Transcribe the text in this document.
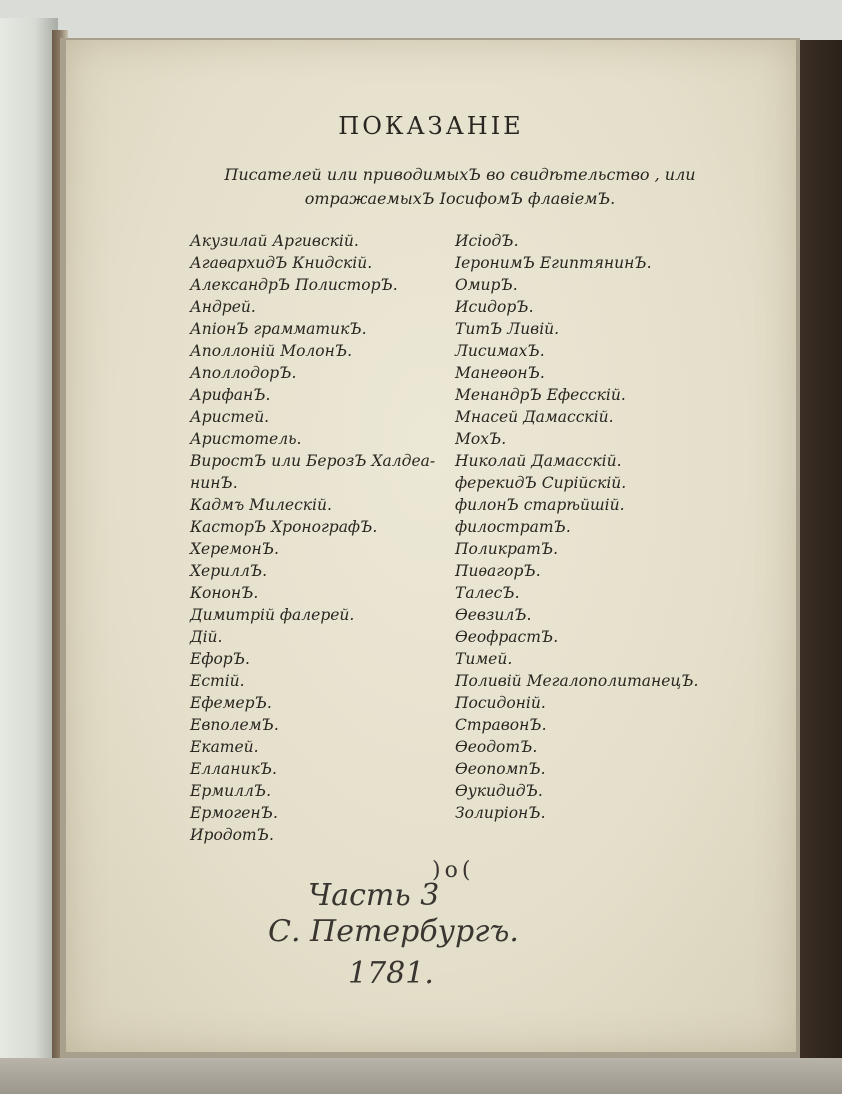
ПОКАЗАНIЕ
Писателей или приводимыхЪ во свидѣтельство , или
отражаемыхЪ IосифомЪ флавiемЪ.
Акузилай Аргивскiй.
АгаѳархидЪ Книдскiй.
АлександрЪ ПолисторЪ.
Андрей.
АпiонЪ грамматикЪ.
Аполлонiй МолонЪ.
АполлодорЪ.
АрифанЪ.
Аристей.
Аристотель.
ВиростЪ или БерозЪ Халдеа-
нинЪ.
Кадмъ Милескiй.
КасторЪ ХронографЪ.
ХеремонЪ.
ХериллЪ.
КононЪ.
Димитрiй фалерей.
Дiй.
ЕфорЪ.
Естiй.
ЕфемерЪ.
ЕвполемЪ.
Екатей.
ЕлланикЪ.
ЕрмиллЪ.
ЕрмогенЪ.
ИродотЪ.
ИсiодЪ.
IеронимЪ ЕгиптянинЪ.
ОмирЪ.
ИсидорЪ.
ТитЪ Ливiй.
ЛисимахЪ.
МанеѳонЪ.
МенандрЪ Ефесскiй.
Мнасей Дамасскiй.
МохЪ.
Николай Дамасскiй.
ферекидЪ Сирiйскiй.
филонЪ старѣйшiй.
филостратЪ.
ПоликратЪ.
ПиѳагорЪ.
ТалесЪ.
ѲевзилЪ.
ѲеофрастЪ.
Тимей.
Поливiй МегалополитанецЪ.
Посидонiй.
СтравонЪ.
ѲеодотЪ.
ѲеопомпЪ.
ѲукидидЪ.
ЗолирiонЪ.
)o(
Часть 3
С. Петербургъ.
1781.
